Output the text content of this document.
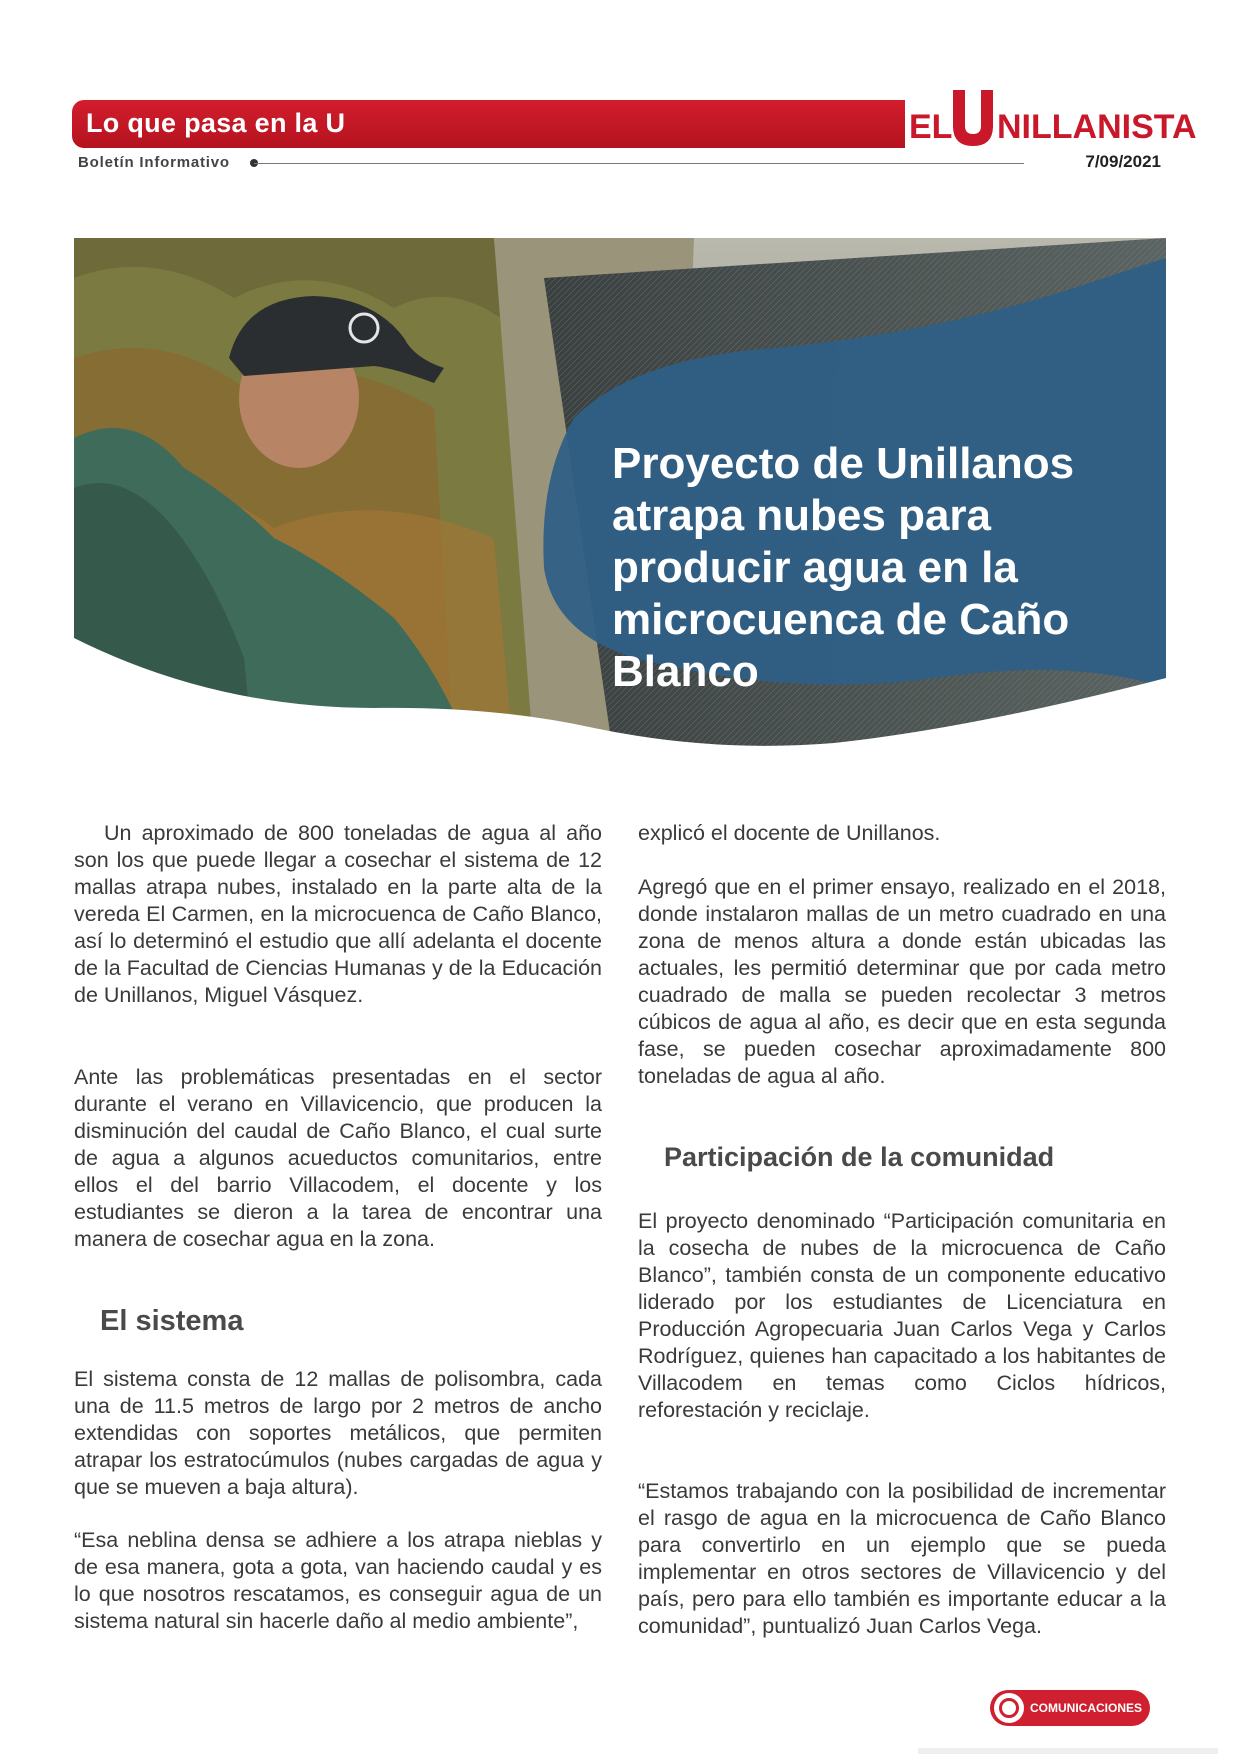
Lo que pasa en la U	EL NILLANISTA
Boletín Informativo	7/09/2021
Proyecto de Unillanos atrapa nubes para producir agua en la microcuenca de Caño Blanco

Un aproximado de 800 toneladas de agua al año son los que puede llegar a cosechar el sistema de 12 mallas atrapa nubes, instalado en la parte alta de la vereda El Carmen, en la microcuenca de Caño Blanco, así lo determinó el estudio que allí adelanta el docente de la Facultad de Ciencias Humanas y de la Educación de Unillanos, Miguel Vásquez.

Ante las problemáticas presentadas en el sector durante el verano en Villavicencio, que producen la disminución del caudal de Caño Blanco, el cual surte de agua a algunos acueductos comunitarios, entre ellos el del barrio Villacodem, el docente y los estudiantes se dieron a la tarea de encontrar una manera de cosechar agua en la zona.

El sistema

El sistema consta de 12 mallas de polisombra, cada una de 11.5 metros de largo por 2 metros de ancho extendidas con soportes metálicos, que permiten atrapar los estratocúmulos (nubes cargadas de agua y que se mueven a baja altura).

“Esa neblina densa se adhiere a los atrapa nieblas y de esa manera, gota a gota, van haciendo caudal y es lo que nosotros rescatamos, es conseguir agua de un sistema natural sin hacerle daño al medio ambiente”,

explicó el docente de Unillanos.

Agregó que en el primer ensayo, realizado en el 2018, donde instalaron mallas de un metro cuadrado en una zona de menos altura a donde están ubicadas las actuales, les permitió determinar que por cada metro cuadrado de malla se pueden recolectar 3 metros cúbicos de agua al año, es decir que en esta segunda fase, se pueden cosechar aproximadamente 800 toneladas de agua al año.

Participación de la comunidad

El proyecto denominado “Participación comunitaria en la cosecha de nubes de la microcuenca de Caño Blanco”, también consta de un componente educativo liderado por los estudiantes de Licenciatura en Producción Agropecuaria Juan Carlos Vega y Carlos Rodríguez, quienes han capacitado a los habitantes de Villacodem en temas como Ciclos hídricos, reforestación y reciclaje.

“Estamos trabajando con la posibilidad de incrementar el rasgo de agua en la microcuenca de Caño Blanco para convertirlo en un ejemplo que se pueda implementar en otros sectores de Villavicencio y del país, pero para ello también es importante educar a la comunidad”, puntualizó Juan Carlos Vega.

COMUNICACIONES
